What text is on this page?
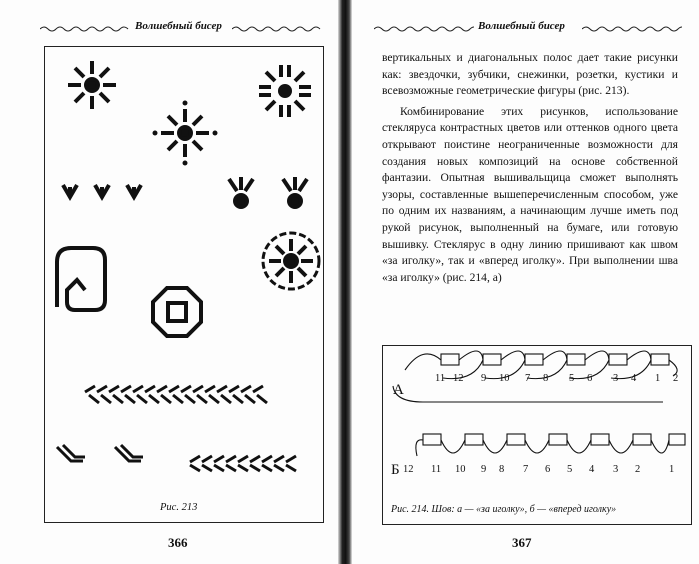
Волшебный бисер
Рис. 213
366
Волшебный бисер

вертикальных и диагональных полос дает такие рисунки как: звездочки, зубчики, снежинки, розетки, кустики и всевозможные геометрические фигуры (рис. 213).

Комбинирование этих рисунков, использование стекляруса контрастных цветов или оттенков одного цвета открывают поистине неограниченные возможности для создания новых композиций на основе собственной фантазии. Опытная вышивальщица сможет выполнять узоры, составленные вышеперечисленным способом, уже по одним их названиям, а начинающим лучше иметь под рукой рисунок, выполненный на бумаге, или готовую вышивку. Стеклярус в одну линию пришивают как швом «за иголку», так и «вперед иголку». При выполнении шва «за иголку» (рис. 214, а)

А
Б
11 12 9 10 7 8 5 6 3 4 1 2
12 11 10 9 8 7 6 5 4 3 2	1
Рис. 214. Шов: а — «за иголку», б — «вперед иголку»
367
